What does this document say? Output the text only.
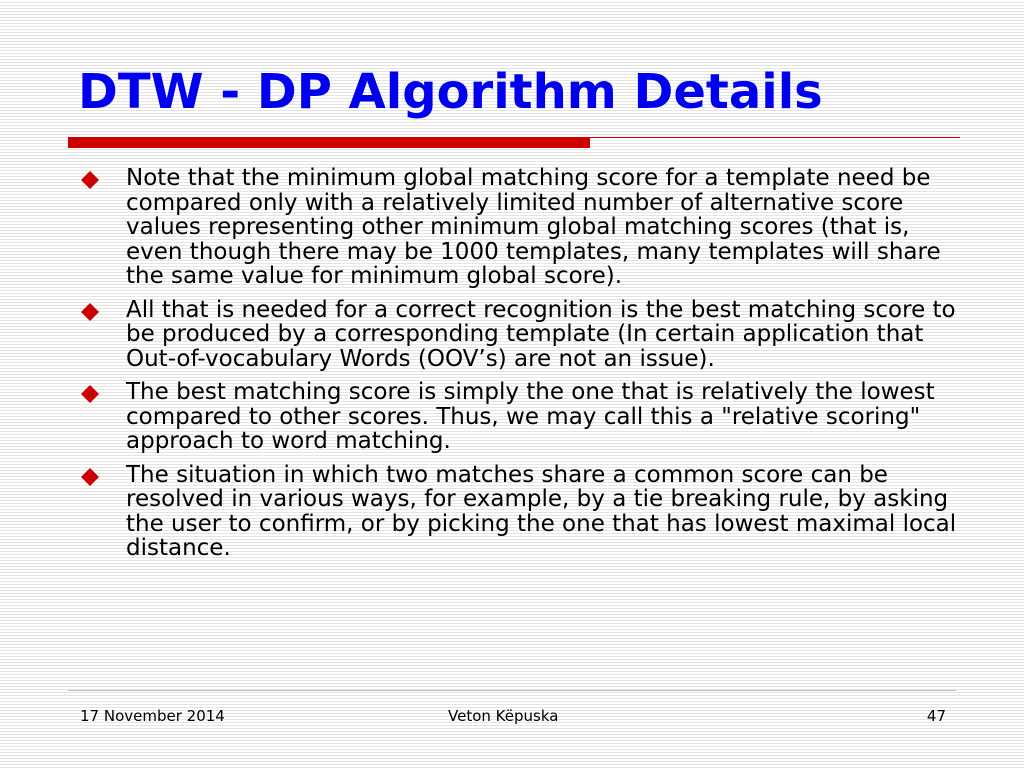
DTW - DP Algorithm Details
Note that the minimum global matching score for a template need be compared only with a relatively limited number of alternative score values representing other minimum global matching scores (that is, even though there may be 1000 templates, many templates will share the same value for minimum global score).
All that is needed for a correct recognition is the best matching score to be produced by a corresponding template (In certain application that Out-of-vocabulary Words (OOV’s) are not an issue).
The best matching score is simply the one that is relatively the lowest compared to other scores. Thus, we may call this a "relative scoring" approach to word matching.
The situation in which two matches share a common score can be resolved in various ways, for example, by a tie breaking rule, by asking the user to confirm, or by picking the one that has lowest maximal local distance.
17 November 2014	Veton Këpuska	47
